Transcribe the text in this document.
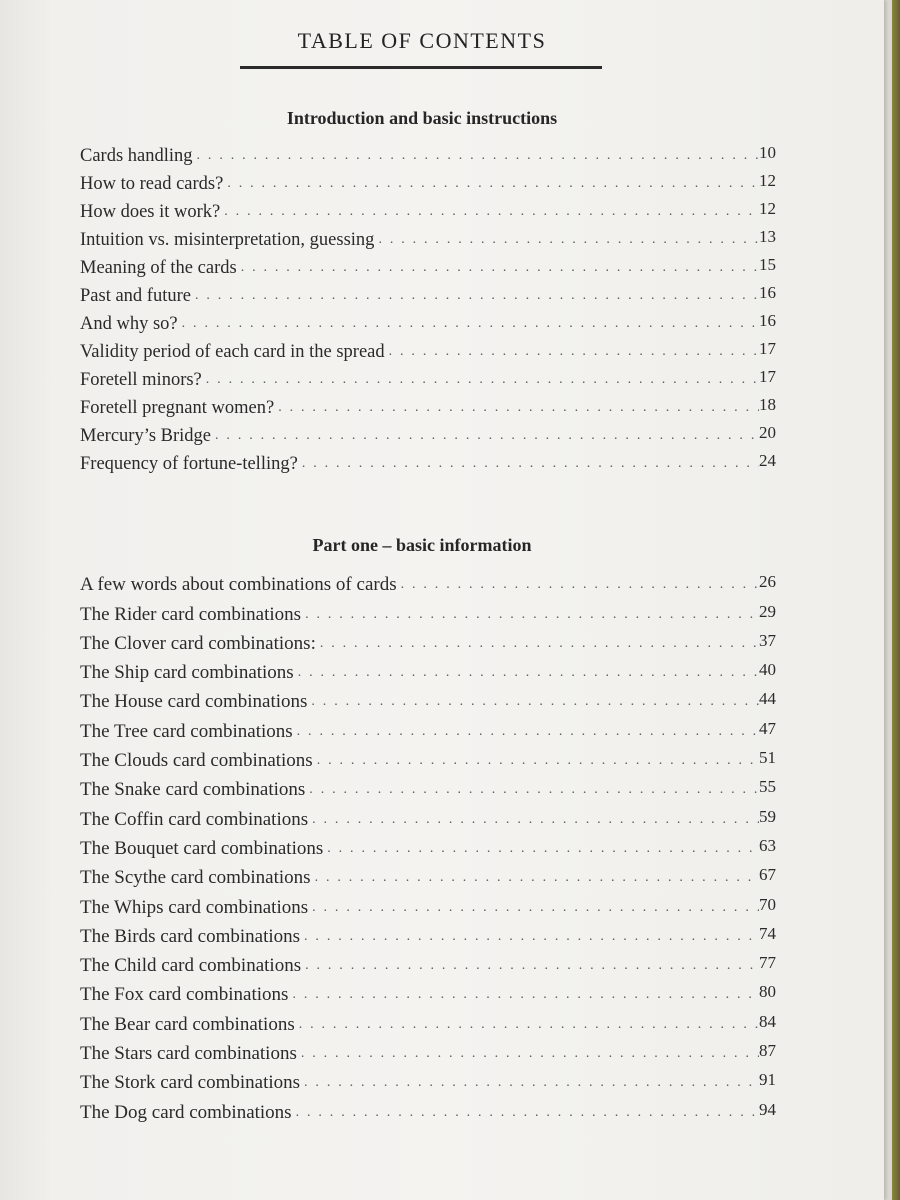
TABLE OF CONTENTS
Introduction and basic instructions
Cards handling . . .	10
How to read cards? . . .	12
How does it work? . . .	12
Intuition vs. misinterpretation, guessing . . .	13
Meaning of the cards . . .	15
Past and future . . .	16
And why so? . . .	16
Validity period of each card in the spread . . .	17
Foretell minors? . . .	17
Foretell pregnant women? . . .	18
Mercury’s Bridge . . .	20
Frequency of fortune-telling? . . .	24
Part one – basic information
A few words about combinations of cards . . .	26
The Rider card combinations . . .	29
The Clover card combinations: . . .	37
The Ship card combinations . . .	40
The House card combinations . . .	44
The Tree card combinations . . .	47
The Clouds card combinations . . .	51
The Snake card combinations . . .	55
The Coffin card combinations . . .	59
The Bouquet card combinations . . .	63
The Scythe card combinations . . .	67
The Whips card combinations . . .	70
The Birds card combinations . . .	74
The Child card combinations . . .	77
The Fox card combinations . . .	80
The Bear card combinations . . .	84
The Stars card combinations . . .	87
The Stork card combinations . . .	91
The Dog card combinations . . .	94
